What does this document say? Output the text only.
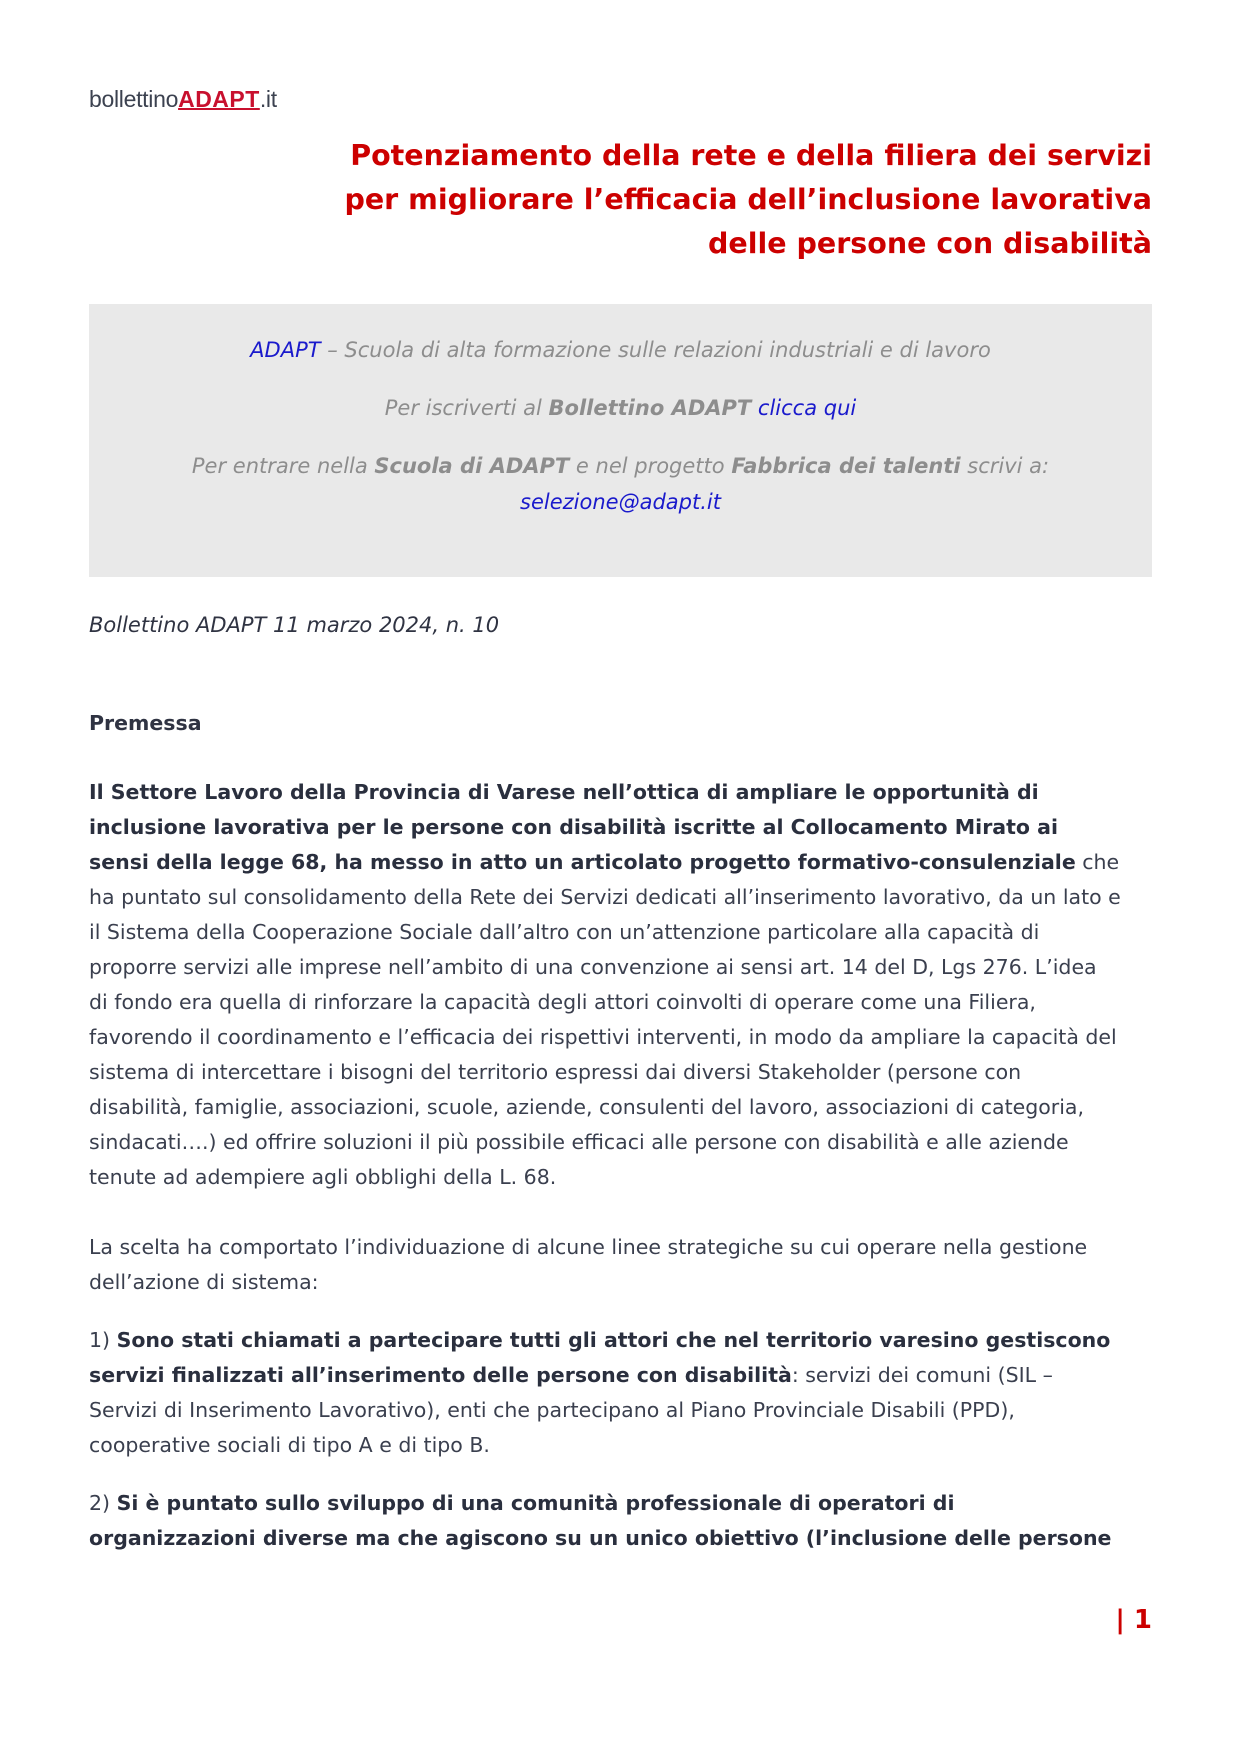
bollettinoADAPT.it
Potenziamento della rete e della filiera dei servizi
per migliorare l’efficacia dell’inclusione lavorativa
delle persone con disabilità
ADAPT – Scuola di alta formazione sulle relazioni industriali e di lavoro
Per iscriverti al Bollettino ADAPT clicca qui
Per entrare nella Scuola di ADAPT e nel progetto Fabbrica dei talenti scrivi a:
selezione@adapt.it
Bollettino ADAPT 11 marzo 2024, n. 10

Premessa

Il Settore Lavoro della Provincia di Varese nell’ottica di ampliare le opportunità di
inclusione lavorativa per le persone con disabilità iscritte al Collocamento Mirato ai
sensi della legge 68, ha messo in atto un articolato progetto formativo-consulenziale che
ha puntato sul consolidamento della Rete dei Servizi dedicati all’inserimento lavorativo, da un lato e
il Sistema della Cooperazione Sociale dall’altro con un’attenzione particolare alla capacità di
proporre servizi alle imprese nell’ambito di una convenzione ai sensi art. 14 del D, Lgs 276. L’idea
di fondo era quella di rinforzare la capacità degli attori coinvolti di operare come una Filiera,
favorendo il coordinamento e l’efficacia dei rispettivi interventi, in modo da ampliare la capacità del
sistema di intercettare i bisogni del territorio espressi dai diversi Stakeholder (persone con
disabilità, famiglie, associazioni, scuole, aziende, consulenti del lavoro, associazioni di categoria,
sindacati….) ed offrire soluzioni il più possibile efficaci alle persone con disabilità e alle aziende
tenute ad adempiere agli obblighi della L. 68.

La scelta ha comportato l’individuazione di alcune linee strategiche su cui operare nella gestione
dell’azione di sistema:

1) Sono stati chiamati a partecipare tutti gli attori che nel territorio varesino gestiscono
servizi finalizzati all’inserimento delle persone con disabilità: servizi dei comuni (SIL –
Servizi di Inserimento Lavorativo), enti che partecipano al Piano Provinciale Disabili (PPD),
cooperative sociali di tipo A e di tipo B.

2) Si è puntato sullo sviluppo di una comunità professionale di operatori di
organizzazioni diverse ma che agiscono su un unico obiettivo (l’inclusione delle persone

| 1
